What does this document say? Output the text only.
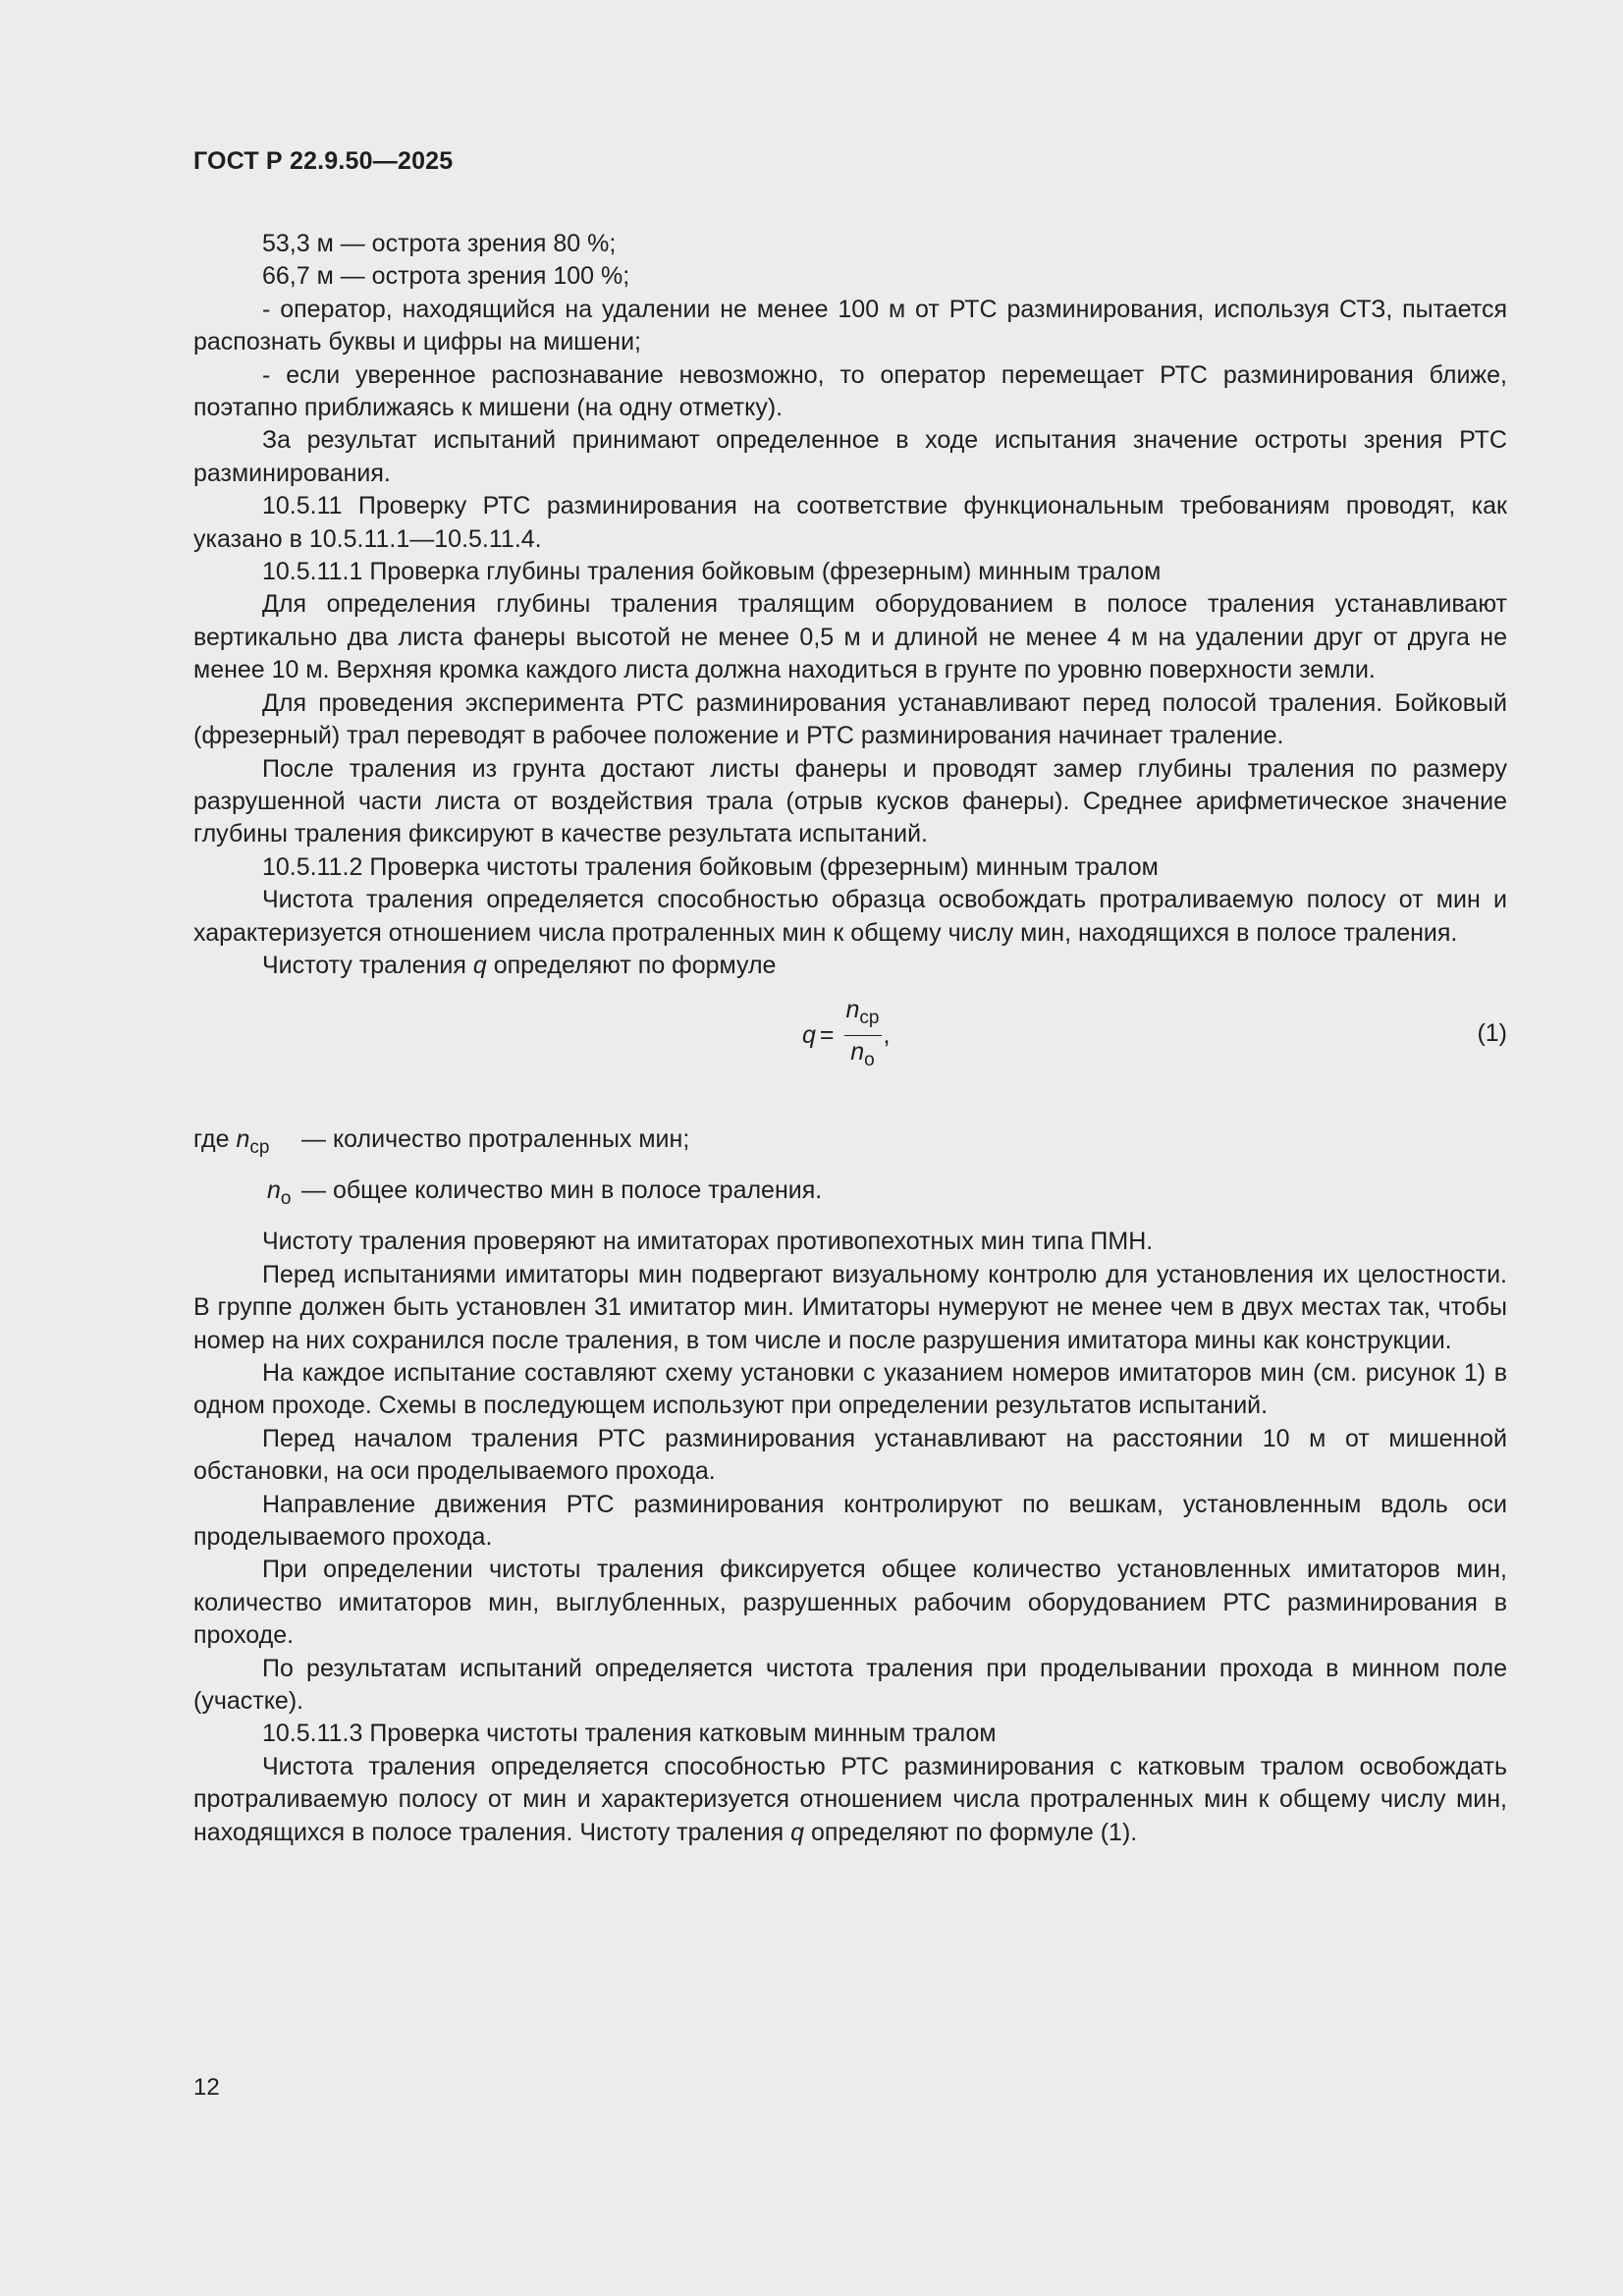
ГОСТ Р 22.9.50—2025

53,3 м — острота зрения 80 %;

66,7 м — острота зрения 100 %;

- оператор, находящийся на удалении не менее 100 м от РТС разминирования, используя СТЗ, пытается распознать буквы и цифры на мишени;

- если уверенное распознавание невозможно, то оператор перемещает РТС разминирования ближе, поэтапно приближаясь к мишени (на одну отметку).

За результат испытаний принимают определенное в ходе испытания значение остроты зрения РТС разминирования.

10.5.11 Проверку РТС разминирования на соответствие функциональным требованиям проводят, как указано в 10.5.11.1—10.5.11.4.

10.5.11.1 Проверка глубины траления бойковым (фрезерным) минным тралом

Для определения глубины траления тралящим оборудованием в полосе траления устанавливают вертикально два листа фанеры высотой не менее 0,5 м и длиной не менее 4 м на удалении друг от друга не менее 10 м. Верхняя кромка каждого листа должна находиться в грунте по уровню поверхности земли.

Для проведения эксперимента РТС разминирования устанавливают перед полосой траления. Бойковый (фрезерный) трал переводят в рабочее положение и РТС разминирования начинает траление.

После траления из грунта достают листы фанеры и проводят замер глубины траления по размеру разрушенной части листа от воздействия трала (отрыв кусков фанеры). Среднее арифметическое значение глубины траления фиксируют в качестве результата испытаний.

10.5.11.2 Проверка чистоты траления бойковым (фрезерным) минным тралом

Чистота траления определяется способностью образца освобождать протраливаемую полосу от мин и характеризуется отношением числа протраленных мин к общему числу мин, находящихся в полосе траления.

Чистоту траления q определяют по формуле

$q = \frac{n_{ср}}{n_о}$ ,	(1)
где $n_{ср}$	— количество протраленных мин;
$n_о$ — общее количество мин в полосе траления.

Чистоту траления проверяют на имитаторах противопехотных мин типа ПМН.

Перед испытаниями имитаторы мин подвергают визуальному контролю для установления их целостности. В группе должен быть установлен 31 имитатор мин. Имитаторы нумеруют не менее чем в двух местах так, чтобы номер на них сохранился после траления, в том числе и после разрушения имитатора мины как конструкции.

На каждое испытание составляют схему установки с указанием номеров имитаторов мин (см. рисунок 1) в одном проходе. Схемы в последующем используют при определении результатов испытаний.

Перед началом траления РТС разминирования устанавливают на расстоянии 10 м от мишенной обстановки, на оси проделываемого прохода.

Направление движения РТС разминирования контролируют по вешкам, установленным вдоль оси проделываемого прохода.

При определении чистоты траления фиксируется общее количество установленных имитаторов мин, количество имитаторов мин, выглубленных, разрушенных рабочим оборудованием РТС разминирования в проходе.

По результатам испытаний определяется чистота траления при проделывании прохода в минном поле (участке).

10.5.11.3 Проверка чистоты траления катковым минным тралом

Чистота траления определяется способностью РТС разминирования с катковым тралом освобождать протраливаемую полосу от мин и характеризуется отношением числа протраленных мин к общему числу мин, находящихся в полосе траления. Чистоту траления q определяют по формуле (1).

12
